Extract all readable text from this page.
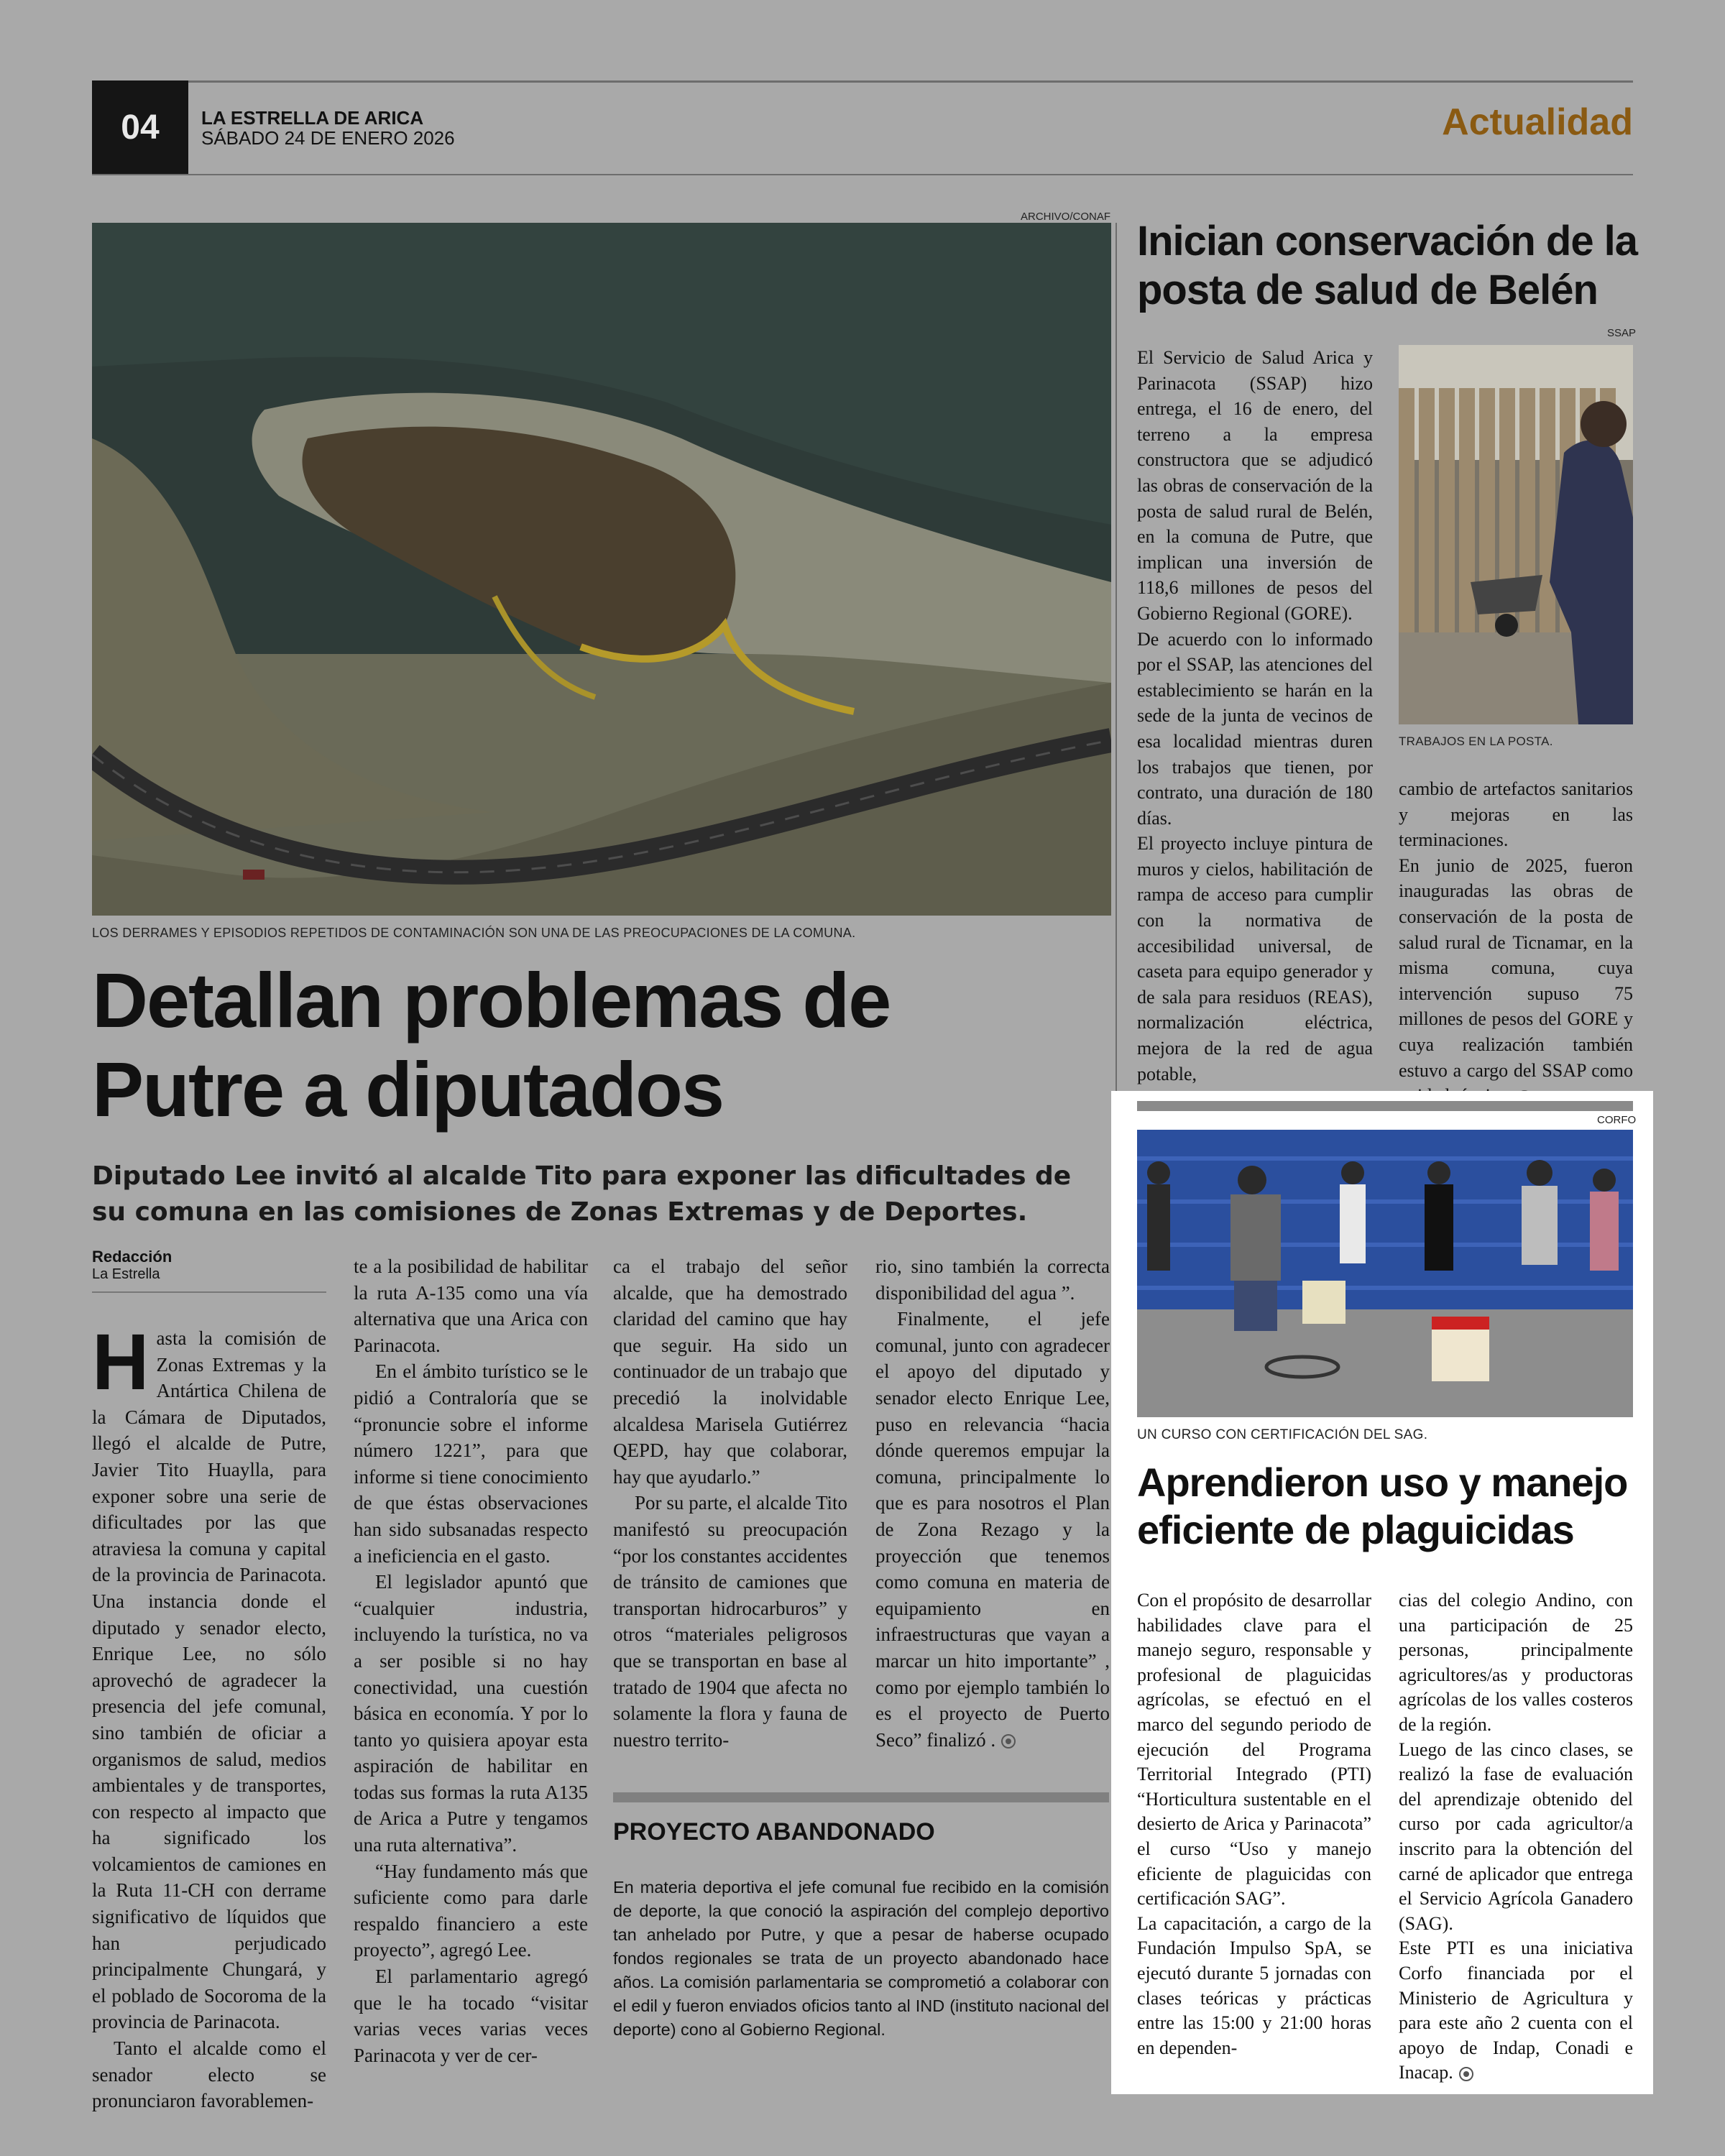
04	LA ESTRELLA DE ARICA
SÁBADO 24 DE ENERO 2026	Actualidad
ARCHIVO/CONAF
LOS DERRAMES Y EPISODIOS REPETIDOS DE CONTAMINACIÓN SON UNA DE LAS PREOCUPACIONES DE LA COMUNA.
Detallan problemas de Putre a diputados
Diputado Lee invitó al alcalde Tito para exponer las dificultades de su comuna en las comisiones de Zonas Extremas y de Deportes.
Redacción
La Estrella

Hasta la comisión de Zonas Extremas y la Antártica Chilena de la Cámara de Diputados, llegó el alcalde de Putre, Javier Tito Huaylla, para exponer sobre una serie de dificultades por las que atraviesa la comuna y capital de la provincia de Parinacota. Una instancia donde el diputado y senador electo, Enrique Lee, no sólo aprovechó de agradecer la presencia del jefe comunal, sino también de oficiar a organismos de salud, medios ambientales y de transportes, con respecto al impacto que ha significado los volcamientos de camiones en la Ruta 11-CH con derrame significativo de líquidos que han perjudicado principalmente Chungará, y el poblado de Socoroma de la provincia de Parinacota.

Tanto el alcalde como el senador electo se pronunciaron favorablemen-

te a la posibilidad de habilitar la ruta A-135 como una vía alternativa que una Arica con Parinacota.

En el ámbito turístico se le pidió a Contraloría que se “pronuncie sobre el informe número 1221”, para que informe si tiene conocimiento de que éstas observaciones han sido subsanadas respecto a ineficiencia en el gasto.

El legislador apuntó que “cualquier industria, incluyendo la turística, no va a ser posible si no hay conectividad, una cuestión básica en economía. Y por lo tanto yo quisiera apoyar esta aspiración de habilitar en todas sus formas la ruta A135 de Arica a Putre y tengamos una ruta alternativa”.

“Hay fundamento más que suficiente como para darle respaldo financiero a este proyecto”, agregó Lee.

El parlamentario agregó que le ha tocado “visitar varias veces varias veces Parinacota y ver de cer-

ca el trabajo del señor alcalde, que ha demostrado claridad del camino que hay que seguir. Ha sido un continuador de un trabajo que precedió la inolvidable alcaldesa Marisela Gutiérrez QEPD, hay que colaborar, hay que ayudarlo.”

Por su parte, el alcalde Tito manifestó su preocupación “por los constantes accidentes de tránsito de camiones que transportan hidrocarburos” y otros “materiales peligrosos que se transportan en base al tratado de 1904 que afecta no solamente la flora y fauna de nuestro territo-

rio, sino también la correcta disponibilidad del agua ”.

Finalmente, el jefe comunal, junto con agradecer el apoyo del diputado y senador electo Enrique Lee, puso en relevancia “hacia dónde queremos empujar la comuna, principalmente lo que es para nosotros el Plan de Zona Rezago y la proyección que tenemos como comuna en materia de equipamiento en infraestructuras que vayan a marcar un hito importante” , como por ejemplo también lo es el proyecto de Puerto Seco” finalizó .

PROYECTO ABANDONADO
En materia deportiva el jefe comunal fue recibido en la comisión de deporte, la que conoció la aspiración del complejo deportivo tan anhelado por Putre, y que a pesar de haberse ocupado fondos regionales se trata de un proyecto abandonado hace años. La comisión parlamentaria se comprometió a colaborar con el edil y fueron enviados oficios tanto al IND (instituto nacional del deporte) cono al Gobierno Regional.
Inician conservación de la posta de salud de Belén
SSAP
TRABAJOS EN LA POSTA.

El Servicio de Salud Arica y Parinacota (SSAP) hizo entrega, el 16 de enero, del terreno a la empresa constructora que se adjudicó las obras de conservación de la posta de salud rural de Belén, en la comuna de Putre, que implican una inversión de 118,6 millones de pesos del Gobierno Regional (GORE).

De acuerdo con lo informado por el SSAP, las atenciones del establecimiento se harán en la sede de la junta de vecinos de esa localidad mientras duren los trabajos que tienen, por contrato, una duración de 180 días.

El proyecto incluye pintura de muros y cielos, habilitación de rampa de acceso para cumplir con la normativa de accesibilidad universal, de caseta para equipo generador y de sala para residuos (REAS), normalización eléctrica, mejora de la red de agua potable,

cambio de artefactos sanitarios y mejoras en las terminaciones.

En junio de 2025, fueron inauguradas las obras de conservación de la posta de salud rural de Ticnamar, en la misma comuna, cuya intervención supuso 75 millones de pesos del GORE y cuya realización también estuvo a cargo del SSAP como

CORFO
UN CURSO CON CERTIFICACIÓN DEL SAG.
Aprendieron uso y manejo eficiente de plaguicidas

Con el propósito de desarrollar habilidades clave para el manejo seguro, responsable y profesional de plaguicidas agrícolas, se efectuó en el marco del segundo periodo de ejecución del Programa Territorial Integrado (PTI) “Horticultura sustentable en el desierto de Arica y Parinacota” el curso “Uso y manejo eficiente de plaguicidas con certificación SAG”.

La capacitación, a cargo de la Fundación Impulso SpA, se ejecutó durante 5 jornadas con clases teóricas y prácticas entre las 15:00 y 21:00 horas en dependen-

cias del colegio Andino, con una participación de 25 personas, principalmente agricultores/as y productoras agrícolas de los valles costeros de la región.

Luego de las cinco clases, se realizó la fase de evaluación del aprendizaje obtenido del curso por cada agricultor/a inscrito para la obtención del carné de aplicador que entrega el Servicio Agrícola Ganadero (SAG).

Este PTI es una iniciativa Corfo financiada por el Ministerio de Agricultura y para este año 2 cuenta con el apoyo de Indap, Conadi e Inacap.
